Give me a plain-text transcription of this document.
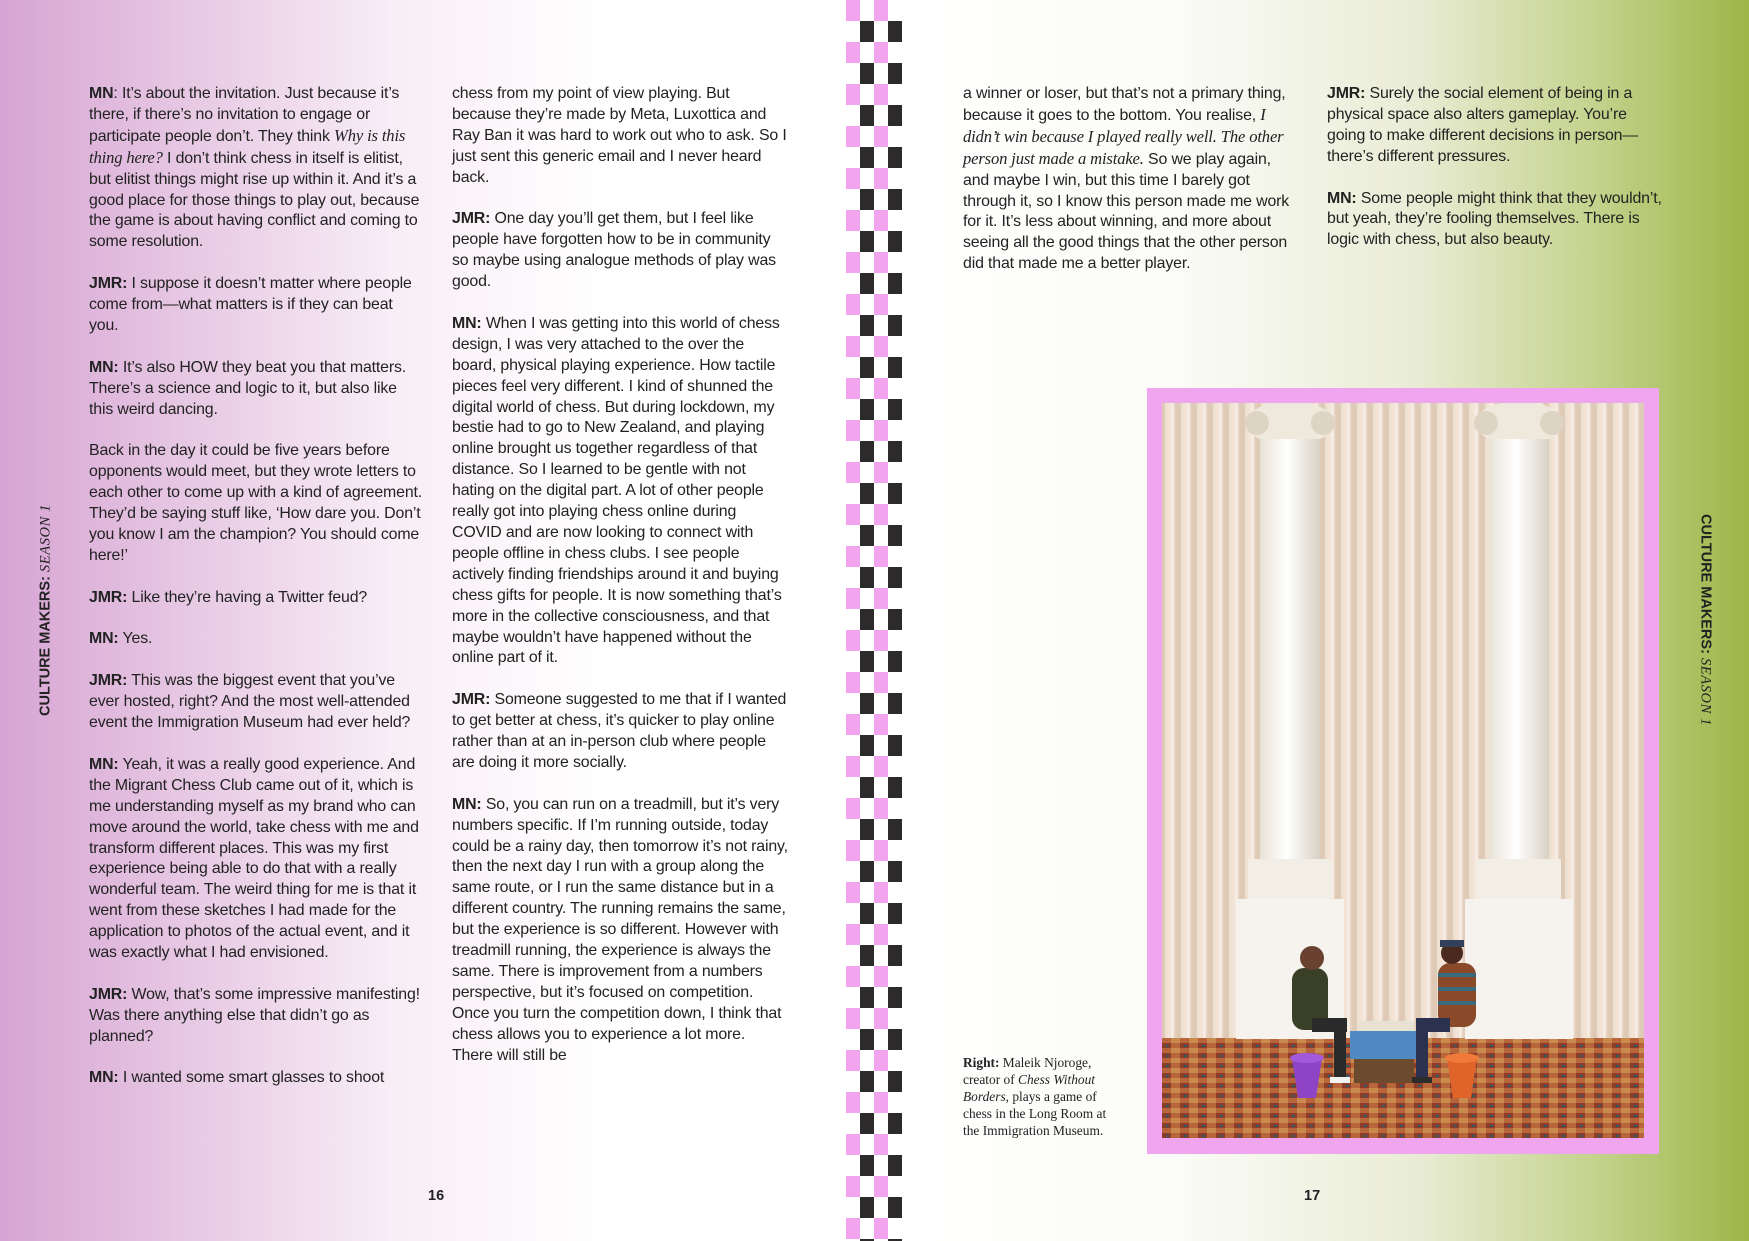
CULTURE MAKERS: SEASON 1

MN: It’s about the invitation. Just because it’s there, if there’s no invitation to engage or participate people don’t. They think Why is this thing here? I don’t think chess in itself is elitist, but elitist things might rise up within it. And it’s a good place for those things to play out, because the game is about having conflict and coming to some resolution.

JMR: I suppose it doesn’t matter where people come from—what matters is if they can beat you.

MN: It’s also HOW they beat you that matters. There’s a science and logic to it, but also like this weird dancing.

Back in the day it could be five years before opponents would meet, but they wrote letters to each other to come up with a kind of agreement. They’d be saying stuff like, ‘How dare you. Don’t you know I am the champion? You should come here!’

JMR: Like they’re having a Twitter feud?

MN: Yes.

JMR: This was the biggest event that you’ve ever hosted, right? And the most well-attended event the Immigration Museum had ever held?

MN: Yeah, it was a really good experience. And the Migrant Chess Club came out of it, which is me understanding myself as my brand who can move around the world, take chess with me and transform different places. This was my first experience being able to do that with a really wonderful team. The weird thing for me is that it went from these sketches I had made for the application to photos of the actual event, and it was exactly what I had envisioned.

JMR: Wow, that’s some impressive manifesting! Was there anything else that didn’t go as planned?

MN: I wanted some smart glasses to shoot

chess from my point of view playing. But because they’re made by Meta, Luxottica and Ray Ban it was hard to work out who to ask. So I just sent this generic email and I never heard back.

JMR: One day you’ll get them, but I feel like people have forgotten how to be in community so maybe using analogue methods of play was good.

MN: When I was getting into this world of chess design, I was very attached to the over the board, physical playing experience. How tactile pieces feel very different. I kind of shunned the digital world of chess. But during lockdown, my bestie had to go to New Zealand, and playing online brought us together regardless of that distance. So I learned to be gentle with not hating on the digital part. A lot of other people really got into playing chess online during COVID and are now looking to connect with people offline in chess clubs. I see people actively finding friendships around it and buying chess gifts for people. It is now something that’s more in the collective consciousness, and that maybe wouldn’t have happened without the online part of it.

JMR: Someone suggested to me that if I wanted to get better at chess, it’s quicker to play online rather than at an in-person club where people are doing it more socially.

MN: So, you can run on a treadmill, but it’s very numbers specific. If I’m running outside, today could be a rainy day, then tomorrow it’s not rainy, then the next day I run with a group along the same route, or I run the same distance but in a different country. The running remains the same, but the experience is so different. However with treadmill running, the experience is always the same. There is improvement from a numbers perspective, but it’s focused on competition. Once you turn the competition down, I think that chess allows you to experience a lot more. There will still be

16

a winner or loser, but that’s not a primary thing, because it goes to the bottom. You realise, I didn’t win because I played really well. The other person just made a mistake. So we play again, and maybe I win, but this time I barely got through it, so I know this person made me work for it. It’s less about winning, and more about seeing all the good things that the other person did that made me a better player.

JMR: Surely the social element of being in a physical space also alters gameplay. You’re going to make different decisions in person—there’s different pressures.

MN: Some people might think that they wouldn’t, but yeah, they’re fooling themselves. There is logic with chess, but also beauty.

CULTURE MAKERS: SEASON 1
Right: Maleik Njoroge, creator of Chess Without Borders, plays a game of chess in the Long Room at the Immigration Museum.
17
